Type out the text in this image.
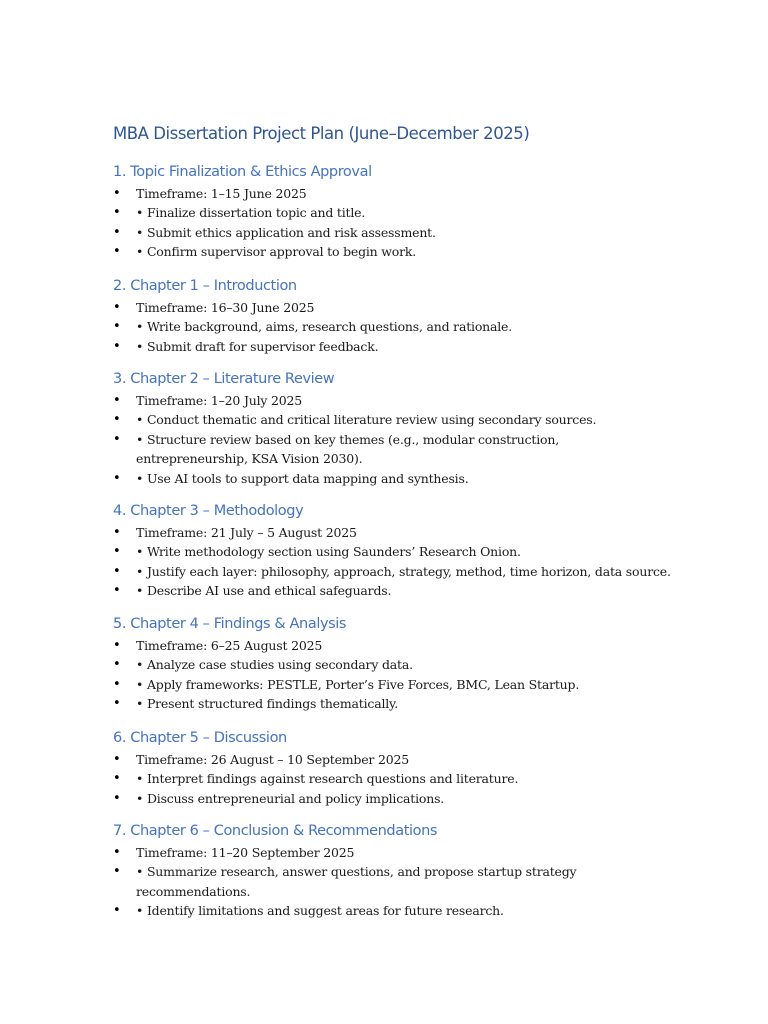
MBA Dissertation Project Plan (June–December 2025)
1. Topic Finalization & Ethics Approval
• Timeframe: 1–15 June 2025
• • Finalize dissertation topic and title.
• • Submit ethics application and risk assessment.
• • Confirm supervisor approval to begin work.
2. Chapter 1 – Introduction
• Timeframe: 16–30 June 2025
• • Write background, aims, research questions, and rationale.
• • Submit draft for supervisor feedback.
3. Chapter 2 – Literature Review
• Timeframe: 1–20 July 2025
• • Conduct thematic and critical literature review using secondary sources.
• • Structure review based on key themes (e.g., modular construction, entrepreneurship, KSA Vision 2030).
• • Use AI tools to support data mapping and synthesis.
4. Chapter 3 – Methodology
• Timeframe: 21 July – 5 August 2025
• • Write methodology section using Saunders’ Research Onion.
• • Justify each layer: philosophy, approach, strategy, method, time horizon, data source.
• • Describe AI use and ethical safeguards.
5. Chapter 4 – Findings & Analysis
• Timeframe: 6–25 August 2025
• • Analyze case studies using secondary data.
• • Apply frameworks: PESTLE, Porter’s Five Forces, BMC, Lean Startup.
• • Present structured findings thematically.
6. Chapter 5 – Discussion
• Timeframe: 26 August – 10 September 2025
• • Interpret findings against research questions and literature.
• • Discuss entrepreneurial and policy implications.
7. Chapter 6 – Conclusion & Recommendations
• Timeframe: 11–20 September 2025
• • Summarize research, answer questions, and propose startup strategy recommendations.
• • Identify limitations and suggest areas for future research.
